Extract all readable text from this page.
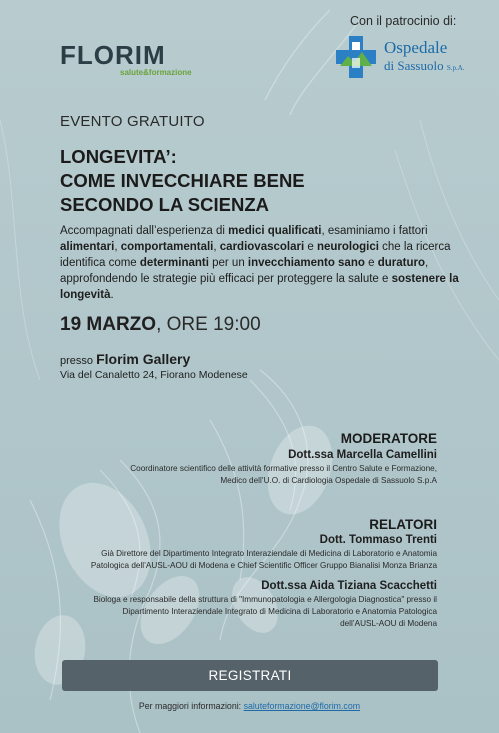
Con il patrocinio di:
FLORIM
salute&formazione
Ospedale
di Sassuolo S.p.A.
EVENTO GRATUITO
LONGEVITA’:
COME INVECCHIARE BENE
SECONDO LA SCIENZA
Accompagnati dall’esperienza di medici qualificati, esaminiamo i fattori alimentari, comportamentali, cardiovascolari e neurologici che la ricerca identifica come determinanti per un invecchiamento sano e duraturo, approfondendo le strategie più efficaci per proteggere la salute e sostenere la longevità.
19 MARZO, ORE 19:00
presso Florim Gallery
Via del Canaletto 24, Fiorano Modenese
MODERATORE
Dott.ssa Marcella Camellini
Coordinatore scientifico delle attività formative presso il Centro Salute e Formazione,
Medico dell’U.O. di Cardiologia Ospedale di Sassuolo S.p.A
RELATORI
Dott. Tommaso Trenti
Già Direttore del Dipartimento Integrato Interaziendale di Medicina di Laboratorio e Anatomia
Patologica dell’AUSL-AOU di Modena e Chief Scientific Officer Gruppo Bianalisi Monza Brianza
Dott.ssa Aida Tiziana Scacchetti
Biologa e responsabile della struttura di "Immunopatologia e Allergologia Diagnostica" presso il
Dipartimento Interaziendale Integrato di Medicina di Laboratorio e Anatomia Patologica
dell’AUSL-AOU di Modena
REGISTRATI
Per maggiori informazioni: saluteformazione@florim.com
